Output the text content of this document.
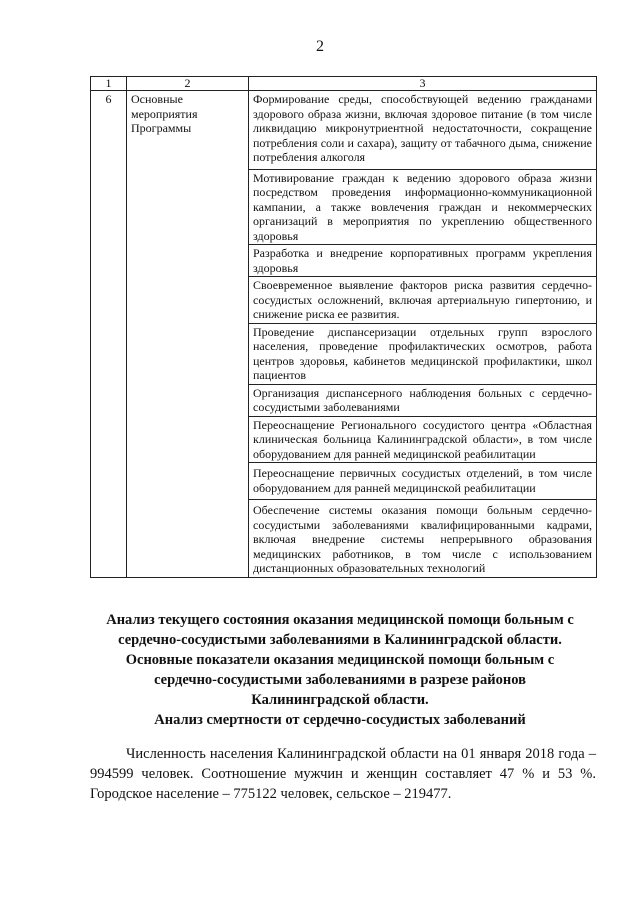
2
1	2	3
6	Основные мероприятия Программы	Формирование среды, способствующей ведению гражданами здорового образа жизни, включая здоровое питание (в том числе ликвидацию микронутриентной недостаточности, сокращение потребления соли и сахара), защиту от табачного дыма, снижение потребления алкоголя
		Мотивирование граждан к ведению здорового образа жизни посредством проведения информационно-коммуникационной кампании, а также вовлечения граждан и некоммерческих организаций в мероприятия по укреплению общественного здоровья
		Разработка и внедрение корпоративных программ укрепления здоровья
		Своевременное выявление факторов риска развития сердечно-сосудистых осложнений, включая артериальную гипертонию, и снижение риска ее развития.
		Проведение диспансеризации отдельных групп взрослого населения, проведение профилактических осмотров, работа центров здоровья, кабинетов медицинской профилактики, школ пациентов
		Организация диспансерного наблюдения больных с сердечно-сосудистыми заболеваниями
		Переоснащение Регионального сосудистого центра «Областная клиническая больница Калининградской области», в том числе оборудованием для ранней медицинской реабилитации
		Переоснащение первичных сосудистых отделений, в том числе оборудованием для ранней медицинской реабилитации
		Обеспечение системы оказания помощи больным сердечно-сосудистыми заболеваниями квалифицированными кадрами, включая внедрение системы непрерывного образования медицинских работников, в том числе с использованием дистанционных образовательных технологий
Анализ текущего состояния оказания медицинской помощи больным с сердечно-сосудистыми заболеваниями в Калининградской области. Основные показатели оказания медицинской помощи больным с сердечно-сосудистыми заболеваниями в разрезе районов Калининградской области.
Анализ смертности от сердечно-сосудистых заболеваний
Численность населения Калининградской области на 01 января 2018 года – 994599 человек. Соотношение мужчин и женщин составляет 47 % и 53 %. Городское население – 775122 человек, сельское – 219477.
